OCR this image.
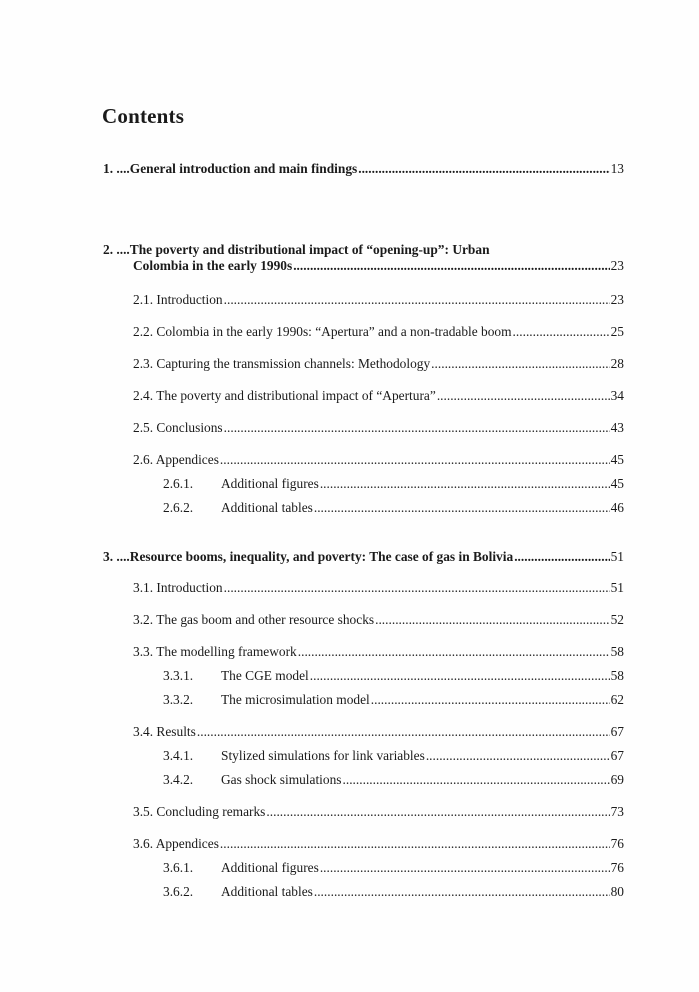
Contents
1. .... General introduction and main findings .....	13
2. ....The poverty and distributional impact of “opening-up”: Urban
Colombia in the early 1990s .....	23
2.1. Introduction .....	23
2.2. Colombia in the early 1990s: “Apertura” and a non-tradable boom .....	25
2.3. Capturing the transmission channels: Methodology .....	28
2.4. The poverty and distributional impact of “Apertura” .....	34
2.5. Conclusions .....	43
2.6. Appendices .....	45
2.6.1.	Additional figures .....	45
2.6.2.	Additional tables .....	46
3. .... Resource booms, inequality, and poverty: The case of gas in Bolivia .....	51
3.1. Introduction .....	51
3.2. The gas boom and other resource shocks .....	52
3.3. The modelling framework .....	58
3.3.1.	The CGE model .....	58
3.3.2.	The microsimulation model .....	62
3.4. Results .....	67
3.4.1.	Stylized simulations for link variables .....	67
3.4.2.	Gas shock simulations .....	69
3.5. Concluding remarks .....	73
3.6. Appendices .....	76
3.6.1.	Additional figures .....	76
3.6.2.	Additional tables .....	80
